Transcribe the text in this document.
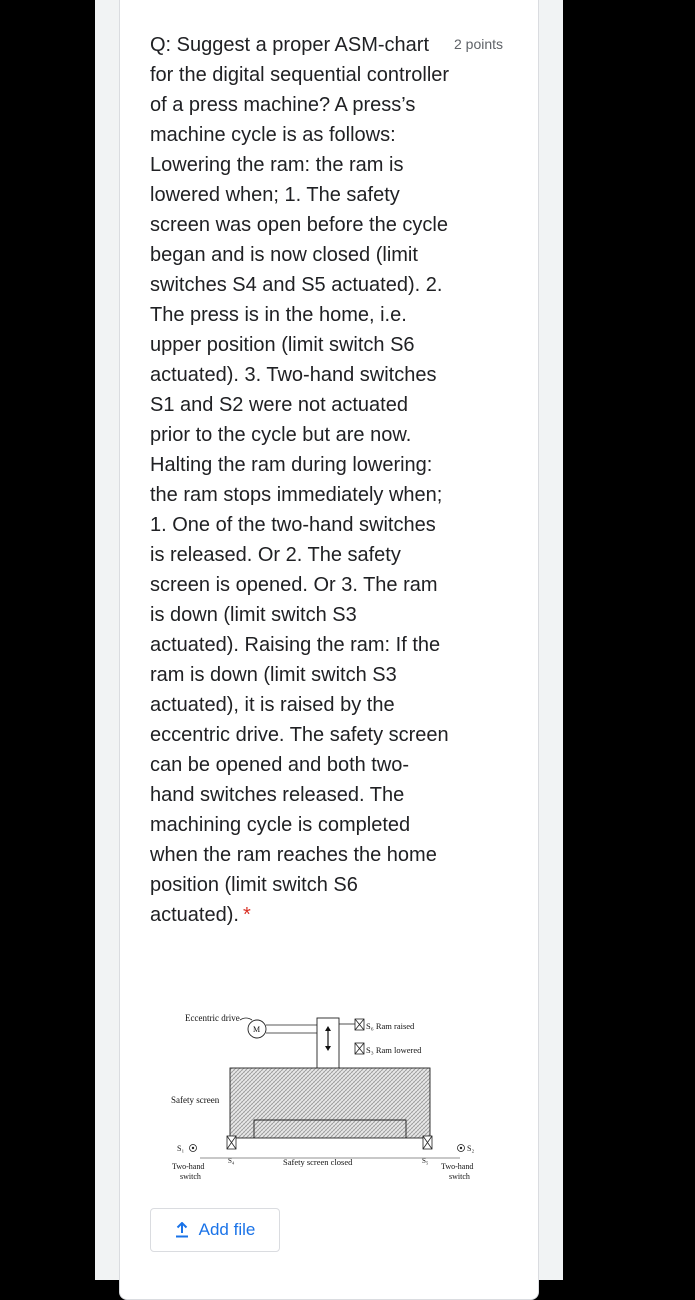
Q: Suggest a proper ASM-chart for the digital sequential controller of a press machine? A press’s machine cycle is as follows: Lowering the ram: the ram is lowered when; 1. The safety screen was open before the cycle began and is now closed (limit switches S4 and S5 actuated). 2. The press is in the home, i.e. upper position (limit switch S6 actuated). 3. Two-hand switches S1 and S2 were not actuated prior to the cycle but are now. Halting the ram during lowering: the ram stops immediately when; 1. One of the two-hand switches is released. Or 2. The safety screen is opened. Or 3. The ram is down (limit switch S3 actuated). Raising the ram: If the ram is down (limit switch S3 actuated), it is raised by the eccentric drive. The safety screen can be opened and both two-hand switches released. The machining cycle is completed when the ram reaches the home position (limit switch S6 actuated). *

2 points
Eccentric drive
Safety screen
M	S₆ Ram raised
S₃ Ram lowered
S₄	S₅
Safety screen closed
S₁
Two-hand
switch
S₂
Two-hand
switch
Add file
